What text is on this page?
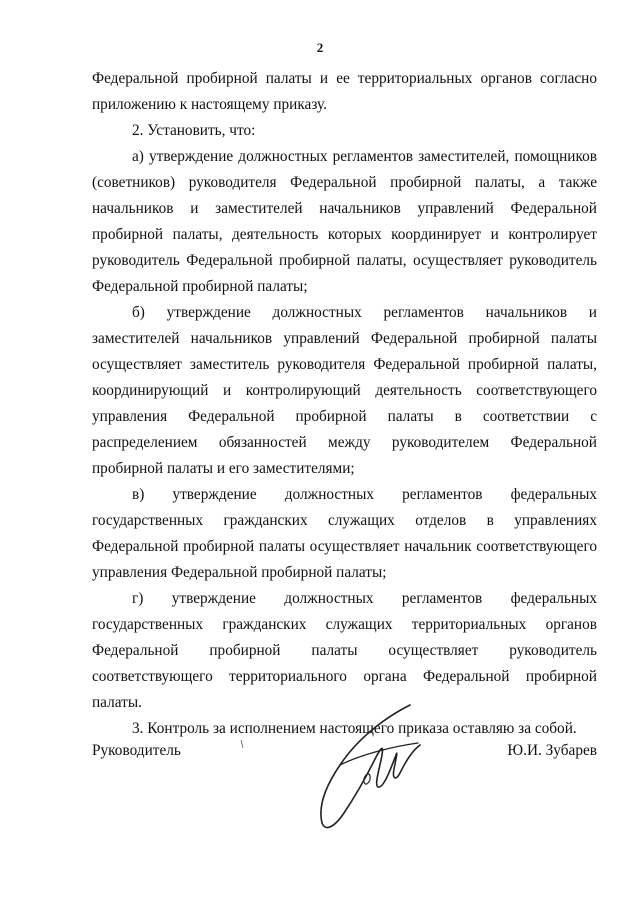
2

Федеральной пробирной палаты и ее территориальных органов согласно приложению к настоящему приказу.

2. Установить, что:

а) утверждение должностных регламентов заместителей, помощников (советников) руководителя Федеральной пробирной палаты, а также начальников и заместителей начальников управлений Федеральной пробирной палаты, деятельность которых координирует и контролирует руководитель Федеральной пробирной палаты, осуществляет руководитель Федеральной пробирной палаты;

б) утверждение должностных регламентов начальников и заместителей начальников управлений Федеральной пробирной палаты осуществляет заместитель руководителя Федеральной пробирной палаты, координирующий и контролирующий деятельность соответствующего управления Федеральной пробирной палаты в соответствии с распределением обязанностей между руководителем Федеральной пробирной палаты и его заместителями;

в) утверждение должностных регламентов федеральных государственных гражданских служащих отделов в управлениях Федеральной пробирной палаты осуществляет начальник соответствующего управления Федеральной пробирной палаты;

г) утверждение должностных регламентов федеральных государственных гражданских служащих территориальных органов Федеральной пробирной палаты осуществляет руководитель соответствующего территориального органа Федеральной пробирной палаты.

3. Контроль за исполнением настоящего приказа оставляю за собой.

Руководитель	Ю.И. Зубарев
